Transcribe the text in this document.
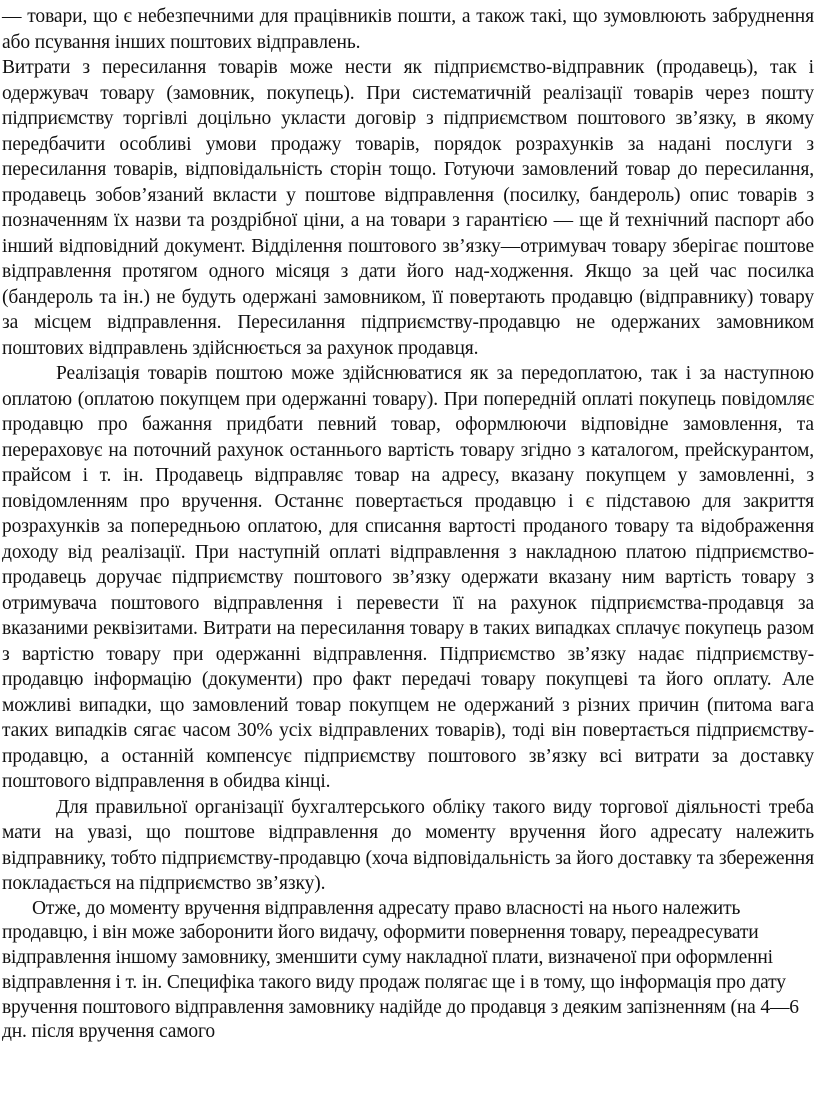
— товари, що є небезпечними для працівників пошти, а також такі, що зумовлюють забруднення або псування інших поштових відправлень.

Витрати з пересилання товарів може нести як підприємство-відправник (продавець), так і одержувач товару (замовник, покупець). При систематичній реалізації товарів через пошту підприємству торгівлі доцільно укласти договір з підприємством поштового зв’язку, в якому передбачити особливі умови продажу товарів, порядок розрахунків за надані послуги з пересилання товарів, відповідальність сторін тощо. Готуючи замовлений товар до пересилання, продавець зобов’язаний вкласти у поштове відправлення (посилку, бандероль) опис товарів з позначенням їх назви та роздрібної ціни, а на товари з гарантією — ще й технічний паспорт або інший відповідний документ. Відділення поштового зв’язку—отримувач товару зберігає поштове відправлення протягом одного місяця з дати його над-ходження. Якщо за цей час посилка (бандероль та ін.) не будуть одержані замовником, її повертають продавцю (відправнику) товару за місцем відправлення. Пересилання підприємству-продавцю не одержаних замовником поштових відправлень здійснюється за рахунок продавця.

Реалізація товарів поштою може здійснюватися як за передоплатою, так і за наступною оплатою (оплатою покупцем при одержанні товару). При попередній оплаті покупець повідомляє продавцю про бажання придбати певний товар, оформлюючи відповідне замовлення, та перераховує на поточний рахунок останнього вартість товару згідно з каталогом, прейскурантом, прайсом і т. ін. Продавець відправляє товар на адресу, вказану покупцем у замовленні, з повідомленням про вручення. Останнє повертається продавцю і є підставою для закриття розрахунків за попередньою оплатою, для списання вартості проданого товару та відображення доходу від реалізації. При наступній оплаті відправлення з накладною платою підприємство-продавець доручає підприємству поштового зв’язку одержати вказану ним вартість товару з отримувача поштового відправлення і перевести її на рахунок підприємства-продавця за вказаними реквізитами. Витрати на пересилання товару в таких випадках сплачує покупець разом з вартістю товару при одержанні відправлення. Підприємство зв’язку надає підприємству-продавцю інформацію (документи) про факт передачі товару покупцеві та його оплату. Але можливі випадки, що замовлений товар покупцем не одержаний з різних причин (питома вага таких випадків сягає часом 30% усіх відправлених товарів), тоді він повертається підприємству-продавцю, а останній компенсує підприємству поштового зв’язку всі витрати за доставку поштового відправлення в обидва кінці.

Для правильної організації бухгалтерського обліку такого виду торгової діяльності треба мати на увазі, що поштове відправлення до моменту вручення його адресату належить відправнику, тобто підприємству-продавцю (хоча відповідальність за його доставку та збереження покладається на підприємство зв’язку).

Отже, до моменту вручення відправлення адресату право власності на нього належить продавцю, і він може заборонити його видачу, оформити повернення товару, переадресувати відправлення іншому замовнику, зменшити суму накладної плати, визначеної при оформленні відправлення і т. ін. Специфіка такого виду продаж полягає ще і в тому, що інформація про дату вручення поштового відправлення замовнику надійде до продавця з деяким запізненням (на 4—6 дн. після вручення самого
